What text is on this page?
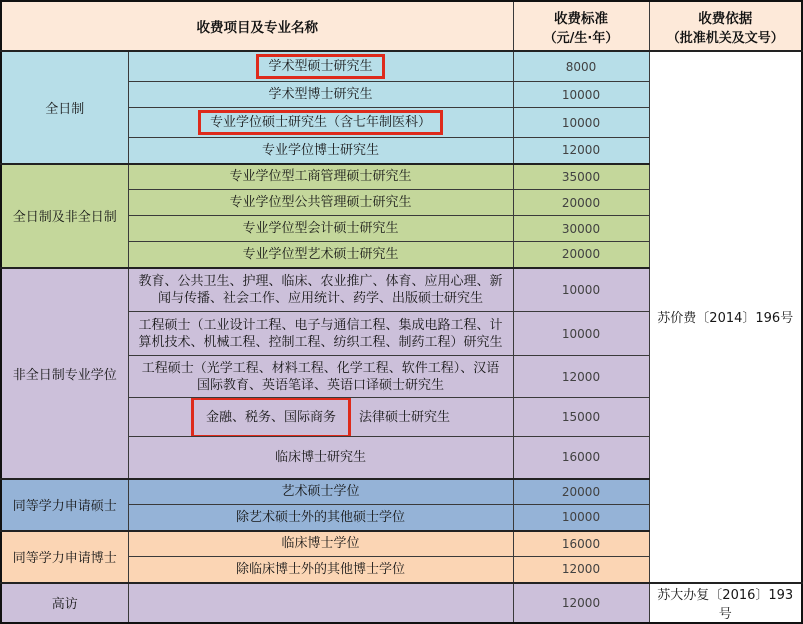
收费项目及专业名称	
收费标准
（元/生·年）

收费依据
（批准机关及文号）

全日制	学术型硕士研究生	8000	苏价费〔2014〕196号
	学术型博士研究生	10000	
	专业学位硕士研究生（含七年制医科）	10000	
	专业学位博士研究生	12000	
全日制及非全日制	专业学位型工商管理硕士研究生	35000	
	专业学位型公共管理硕士研究生	20000	
	专业学位型会计硕士研究生	30000	
	专业学位型艺术硕士研究生	20000	
非全日制专业学位	教育、公共卫生、护理、临床、农业推广、体育、应用心理、新闻与传播、社会工作、应用统计、药学、出版硕士研究生	10000	
	工程硕士（工业设计工程、电子与通信工程、集成电路工程、计算机技术、机械工程、控制工程、纺织工程、制药工程）研究生	10000	
	工程硕士（光学工程、材料工程、化学工程、软件工程）、汉语国际教育、英语笔译、英语口译硕士研究生	12000	
	金融、税务、国际商务 法律硕士研究生	15000	
	临床博士研究生	16000	
同等学力申请硕士	艺术硕士学位	20000	
	除艺术硕士外的其他硕士学位	10000	
同等学力申请博士	临床博士学位	16000	
	除临床博士外的其他博士学位	12000	
高访		12000	苏大办复〔2016〕193号
